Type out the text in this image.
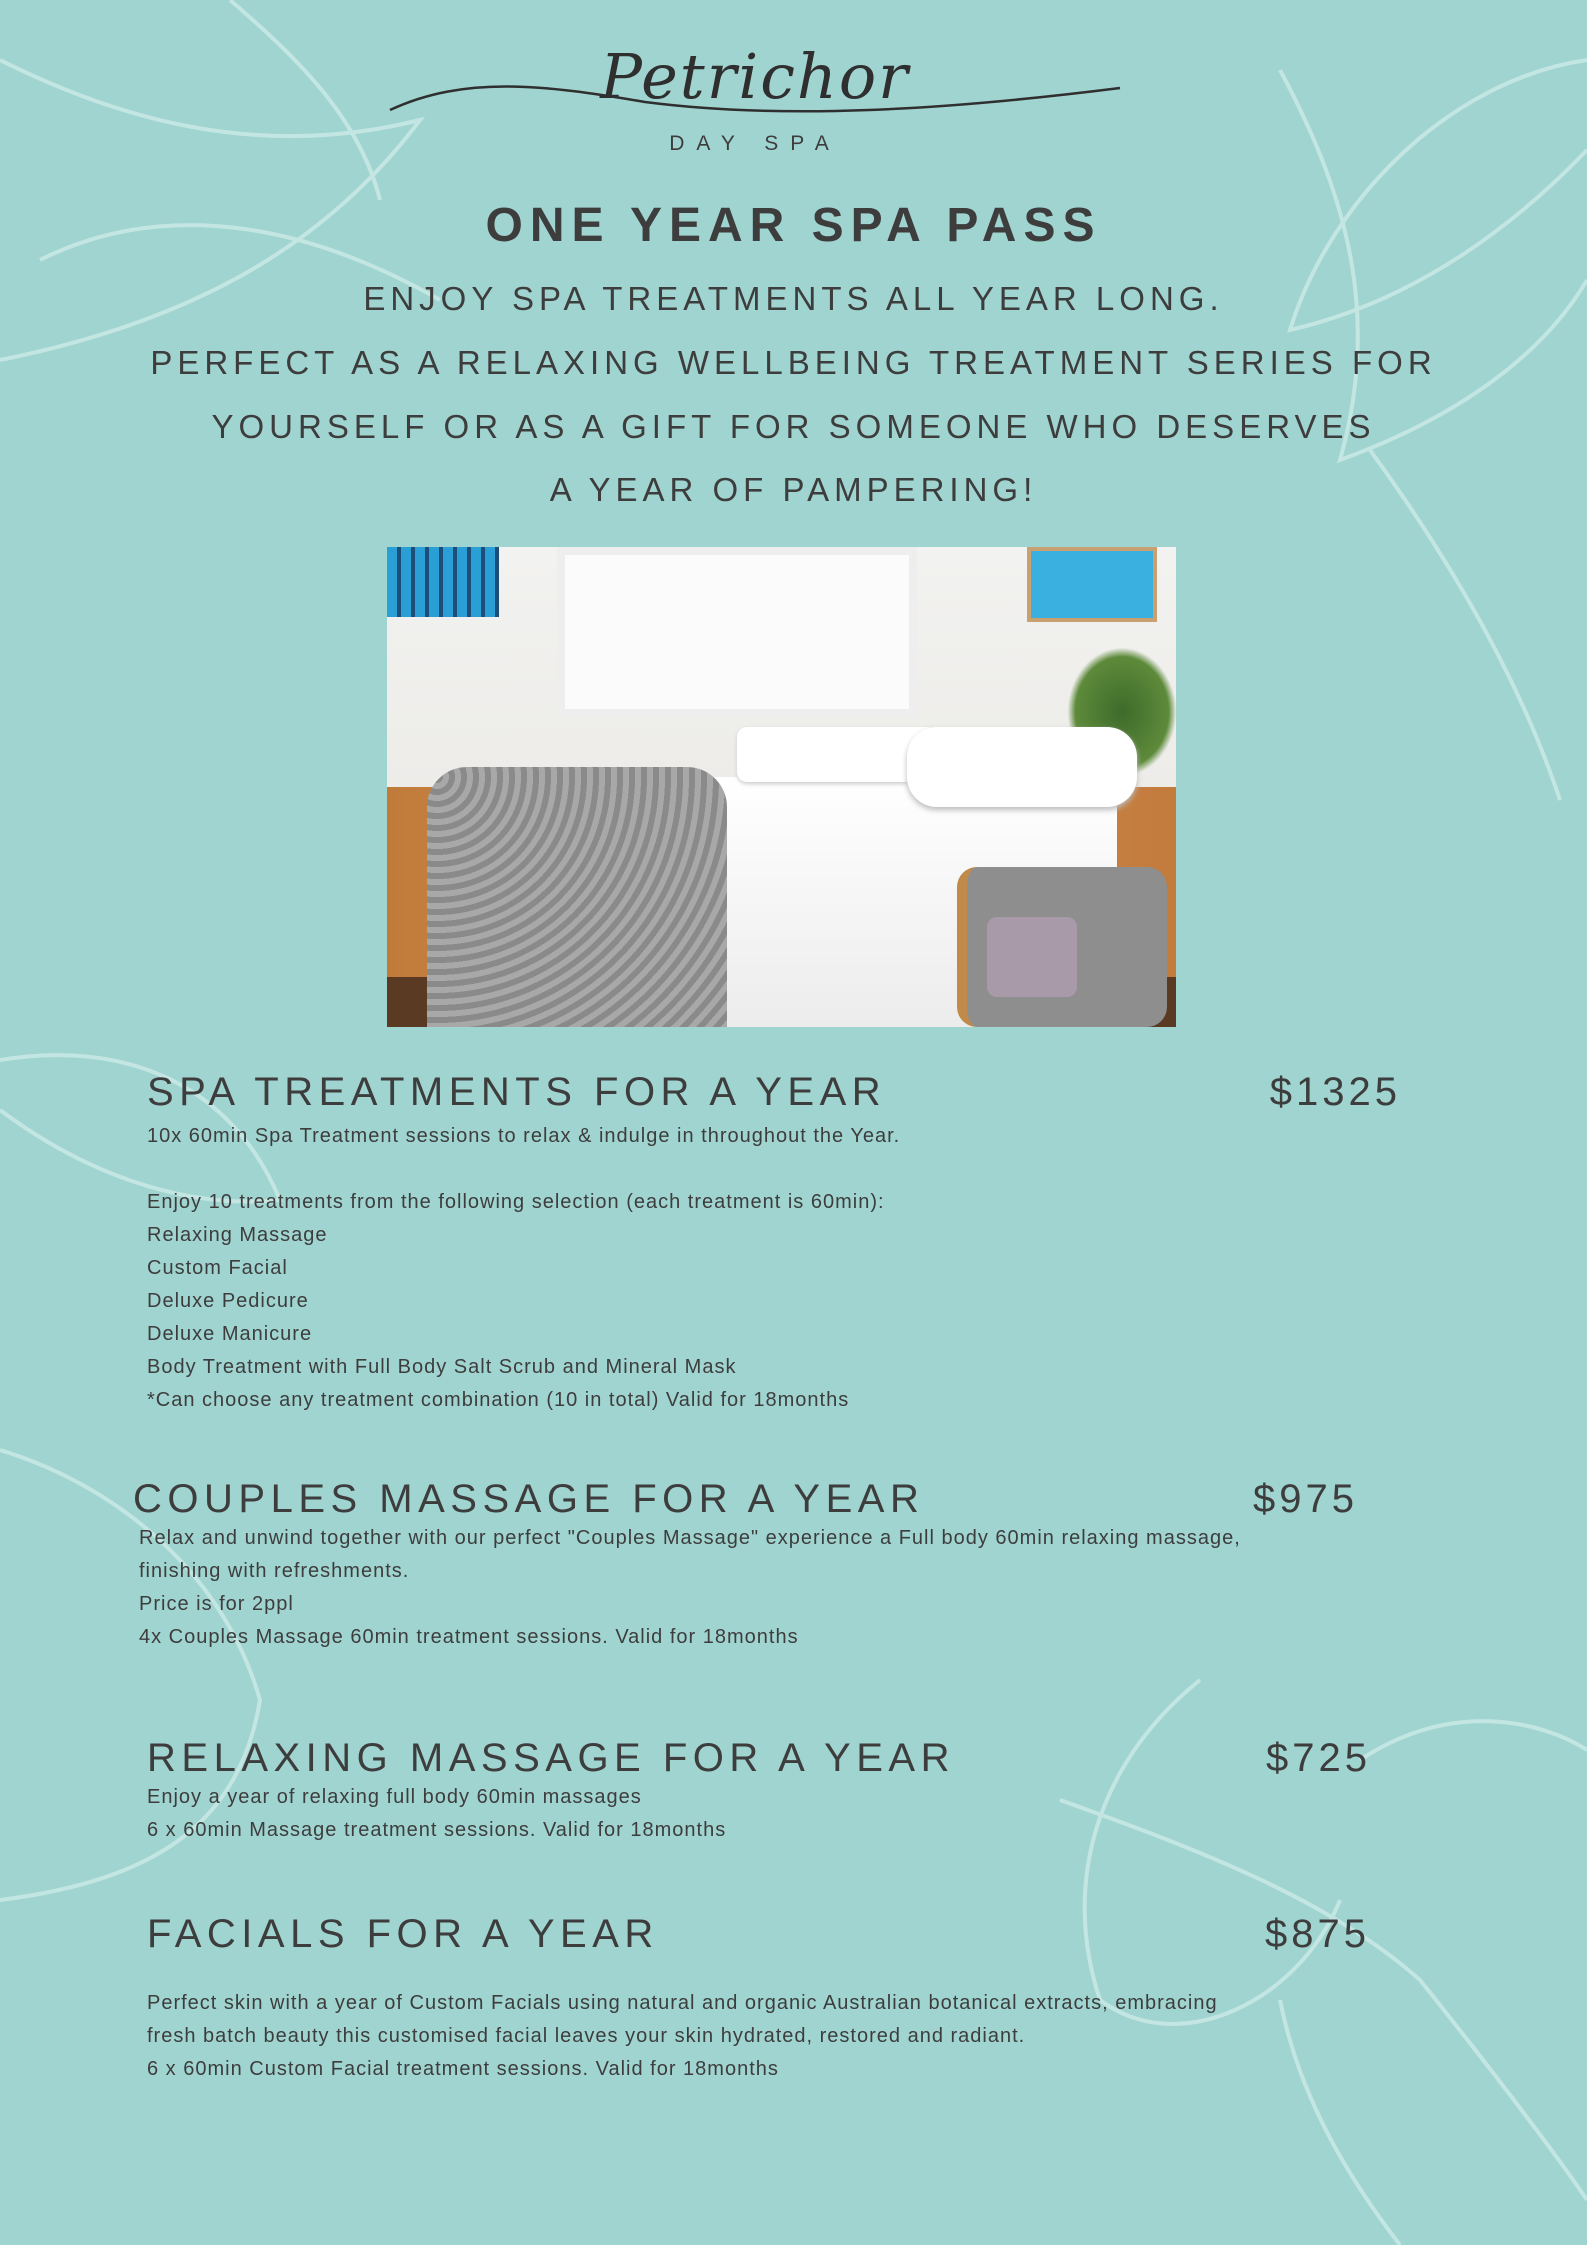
Petrichor
DAY SPA
ONE YEAR SPA PASS
ENJOY SPA TREATMENTS ALL YEAR LONG.
PERFECT AS A RELAXING WELLBEING TREATMENT SERIES FOR
YOURSELF OR AS A GIFT FOR SOMEONE WHO DESERVES
A YEAR OF PAMPERING!
SPA TREATMENTS FOR A YEAR	$1325
10x 60min Spa Treatment sessions to relax & indulge in throughout the Year.
Enjoy 10 treatments from the following selection (each treatment is 60min):
Relaxing Massage
Custom Facial
Deluxe Pedicure
Deluxe Manicure
Body Treatment with Full Body Salt Scrub and Mineral Mask
*Can choose any treatment combination (10 in total) Valid for 18months
COUPLES MASSAGE FOR A YEAR	$975
Relax and unwind together with our perfect "Couples Massage" experience a Full body 60min relaxing massage,
finishing with refreshments.
Price is for 2ppl
4x Couples Massage 60min treatment sessions. Valid for 18months
RELAXING MASSAGE FOR A YEAR	$725
Enjoy a year of relaxing full body 60min massages
6 x 60min Massage treatment sessions. Valid for 18months
FACIALS FOR A YEAR	$875
Perfect skin with a year of Custom Facials using natural and organic Australian botanical extracts, embracing
fresh batch beauty this customised facial leaves your skin hydrated, restored and radiant.
6 x 60min Custom Facial treatment sessions. Valid for 18months
